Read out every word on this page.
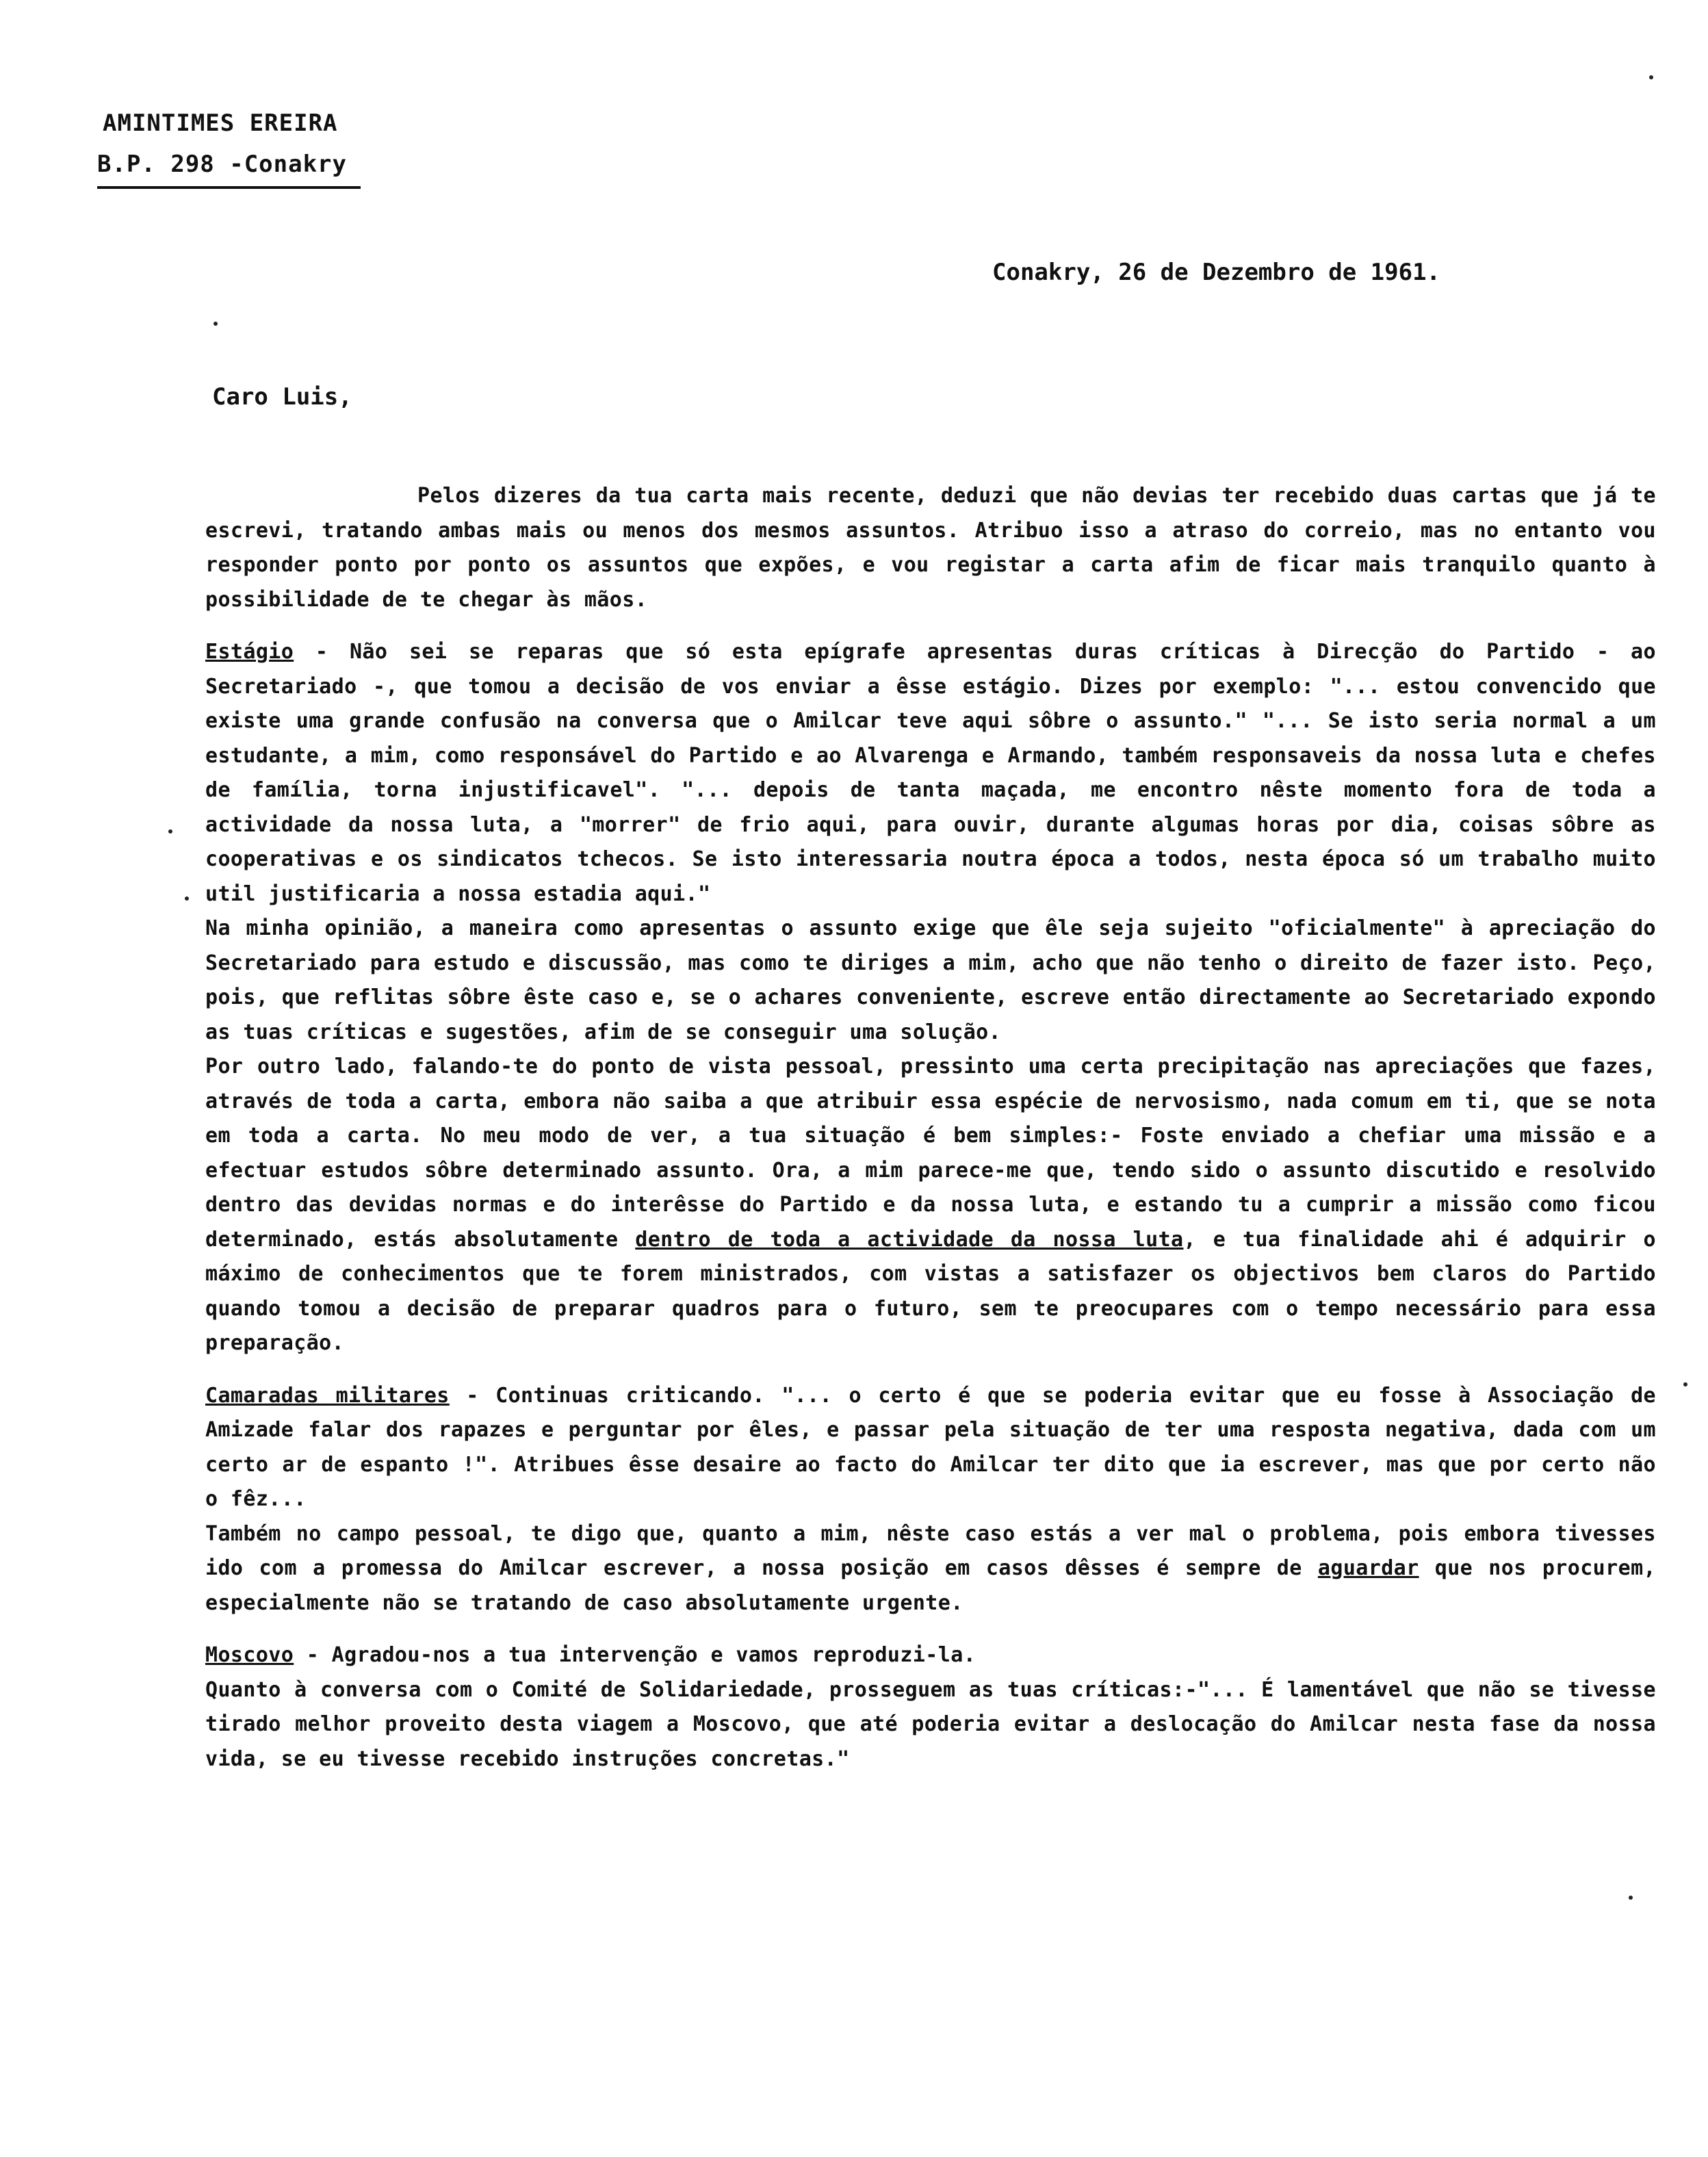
AMINTIMES EREIRA
B.P. 298 -Conakry
Conakry, 26 de Dezembro de 1961.
Caro Luis,

Pelos dizeres da tua carta mais recente, deduzi que não devias ter recebido duas cartas que já te escrevi, tratando ambas mais ou menos dos mesmos assuntos. Atribuo isso a atraso do correio, mas no entanto vou responder ponto por ponto os assuntos que expões, e vou registar a carta afim de ficar mais tranquilo quanto à possibilidade de te chegar às mãos.

Estágio - Não sei se reparas que só esta epígrafe apresentas duras críticas à Direcção do Partido - ao Secretariado -, que tomou a decisão de vos enviar a êsse estágio. Dizes por exemplo: "... estou convencido que existe uma grande confusão na conversa que o Amilcar teve aqui sôbre o assunto." "... Se isto seria normal a um estudante, a mim, como responsável do Partido e ao Alvarenga e Armando, também responsaveis da nossa luta e chefes de família, torna injustificavel". "... depois de tanta maçada, me encontro nêste momento fora de toda a actividade da nossa luta, a "morrer" de frio aqui, para ouvir, durante algumas horas por dia, coisas sôbre as cooperativas e os sindicatos tchecos. Se isto interessaria noutra época a todos, nesta época só um trabalho muito util justificaria a nossa estadia aqui."

Na minha opinião, a maneira como apresentas o assunto exige que êle seja sujeito "oficialmente" à apreciação do Secretariado para estudo e discussão, mas como te diriges a mim, acho que não tenho o direito de fazer isto. Peço, pois, que reflitas sôbre êste caso e, se o achares conveniente, escreve então directamente ao Secretariado expondo as tuas críticas e sugestões, afim de se conseguir uma solução.

Por outro lado, falando-te do ponto de vista pessoal, pressinto uma certa precipitação nas apreciações que fazes, através de toda a carta, embora não saiba a que atribuir essa espécie de nervosismo, nada comum em ti, que se nota em toda a carta. No meu modo de ver, a tua situação é bem simples:- Foste enviado a chefiar uma missão e a efectuar estudos sôbre determinado assunto. Ora, a mim parece-me que, tendo sido o assunto discutido e resolvido dentro das devidas normas e do interêsse do Partido e da nossa luta, e estando tu a cumprir a missão como ficou determinado, estás absolutamente dentro de toda a actividade da nossa luta, e tua finalidade ahi é adquirir o máximo de conhecimentos que te forem ministrados, com vistas a satisfazer os objectivos bem claros do Partido quando tomou a decisão de preparar quadros para o futuro, sem te preocupares com o tempo necessário para essa preparação.

Camaradas militares - Continuas criticando. "... o certo é que se poderia evitar que eu fosse à Associação de Amizade falar dos rapazes e perguntar por êles, e passar pela situação de ter uma resposta negativa, dada com um certo ar de espanto !". Atribues êsse desaire ao facto do Amilcar ter dito que ia escrever, mas que por certo não o fêz...

Também no campo pessoal, te digo que, quanto a mim, nêste caso estás a ver mal o problema, pois embora tivesses ido com a promessa do Amilcar escrever, a nossa posição em casos dêsses é sempre de aguardar que nos procurem, especialmente não se tratando de caso absolutamente urgente.

Moscovo - Agradou-nos a tua intervenção e vamos reproduzi-la.

Quanto à conversa com o Comité de Solidariedade, prosseguem as tuas críticas:-"... É lamentável que não se tivesse tirado melhor proveito desta viagem a Moscovo, que até poderia evitar a deslocação do Amilcar nesta fase da nossa vida, se eu tivesse recebido instruções concretas."
